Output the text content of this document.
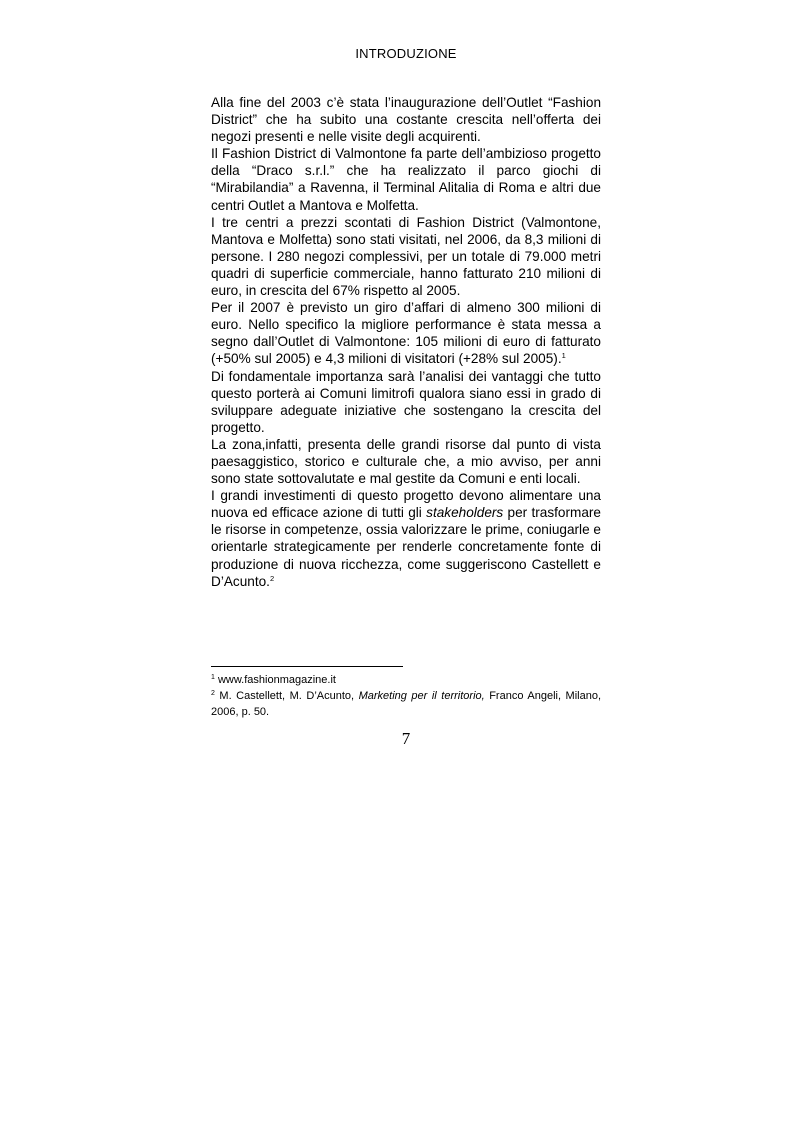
INTRODUZIONE

Alla fine del 2003 c’è stata l’inaugurazione dell’Outlet “Fashion District” che ha subito una costante crescita nell’offerta dei negozi presenti e nelle visite degli acquirenti.

Il Fashion District di Valmontone fa parte dell’ambizioso progetto della “Draco s.r.l.” che ha realizzato il parco giochi di “Mirabilandia” a Ravenna, il Terminal Alitalia di Roma e altri due centri Outlet a Mantova e Molfetta.

I tre centri a prezzi scontati di Fashion District (Valmontone, Mantova e Molfetta) sono stati visitati, nel 2006, da 8,3 milioni di persone. I 280 negozi complessivi, per un totale di 79.000 metri quadri di superficie commerciale, hanno fatturato 210 milioni di euro, in crescita del 67% rispetto al 2005.

Per il 2007 è previsto un giro d’affari di almeno 300 milioni di euro. Nello specifico la migliore performance è stata messa a segno dall’Outlet di Valmontone: 105 milioni di euro di fatturato (+50% sul 2005) e 4,3 milioni di visitatori (+28% sul 2005).$^1$

Di fondamentale importanza sarà l’analisi dei vantaggi che tutto questo porterà ai Comuni limitrofi qualora siano essi in grado di sviluppare adeguate iniziative che sostengano la crescita del progetto.

La zona,infatti, presenta delle grandi risorse dal punto di vista paesaggistico, storico e culturale che, a mio avviso, per anni sono state sottovalutate e mal gestite da Comuni e enti locali.

I grandi investimenti di questo progetto devono alimentare una nuova ed efficace azione di tutti gli stakeholders per trasformare le risorse in competenze, ossia valorizzare le prime, coniugarle e orientarle strategicamente per renderle concretamente fonte di produzione di nuova ricchezza, come suggeriscono Castellett e D’Acunto.$^2$

$^1$ www.fashionmagazine.it

$^2$ M. Castellett, M. D’Acunto, Marketing per il territorio, Franco Angeli, Milano, 2006, p. 50.

7
